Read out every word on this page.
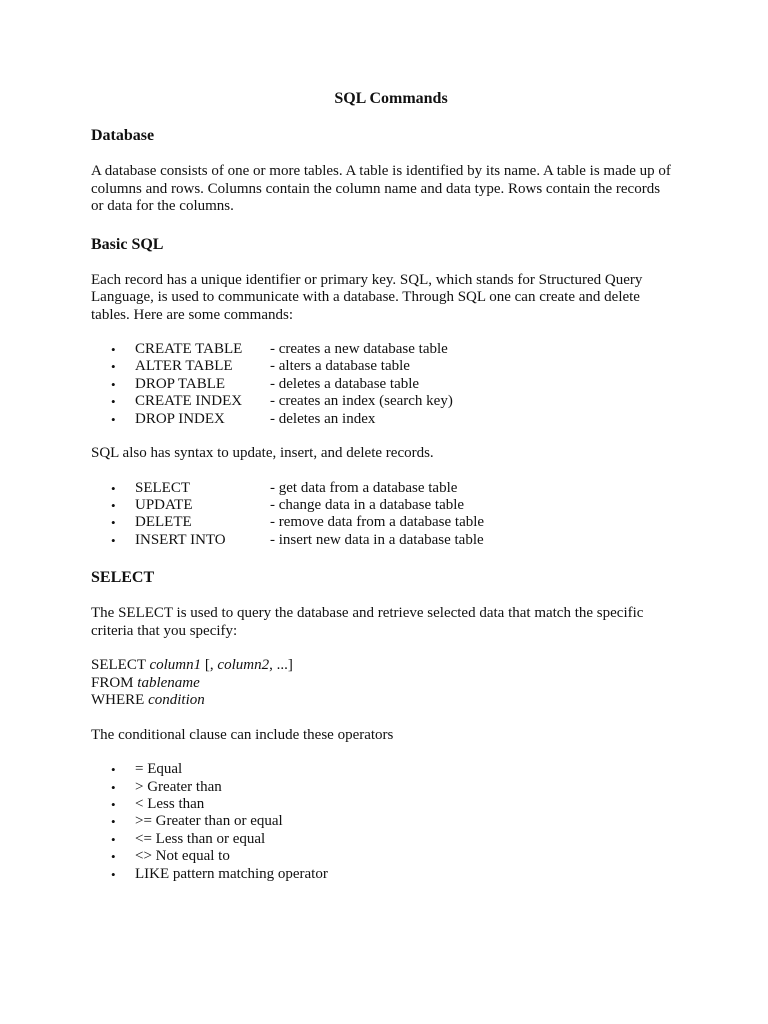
SQL Commands
Database

A database consists of one or more tables. A table is identified by its name. A table is made up of

columns and rows. Columns contain the column name and data type. Rows contain the records

or data for the columns.

Basic SQL

Each record has a unique identifier or primary key. SQL, which stands for Structured Query

Language, is used to communicate with a database. Through SQL one can create and delete

tables. Here are some commands:

• CREATE TABLE - creates a new database table
• ALTER TABLE - alters a database table
• DROP TABLE	- deletes a database table
• CREATE INDEX - creates an index (search key)
• DROP INDEX	- deletes an index

SQL also has syntax to update, insert, and delete records.

• SELECT	- get data from a database table
• UPDATE	- change data in a database table
• DELETE	- remove data from a database table
• INSERT INTO	- insert new data in a database table
SELECT

The SELECT is used to query the database and retrieve selected data that match the specific

criteria that you specify:

SELECT column1 [, column2, ...]
FROM tablename
WHERE condition

The conditional clause can include these operators

• = Equal
• > Greater than
• < Less than
• >= Greater than or equal
• <= Less than or equal
• <> Not equal to
• LIKE pattern matching operator
